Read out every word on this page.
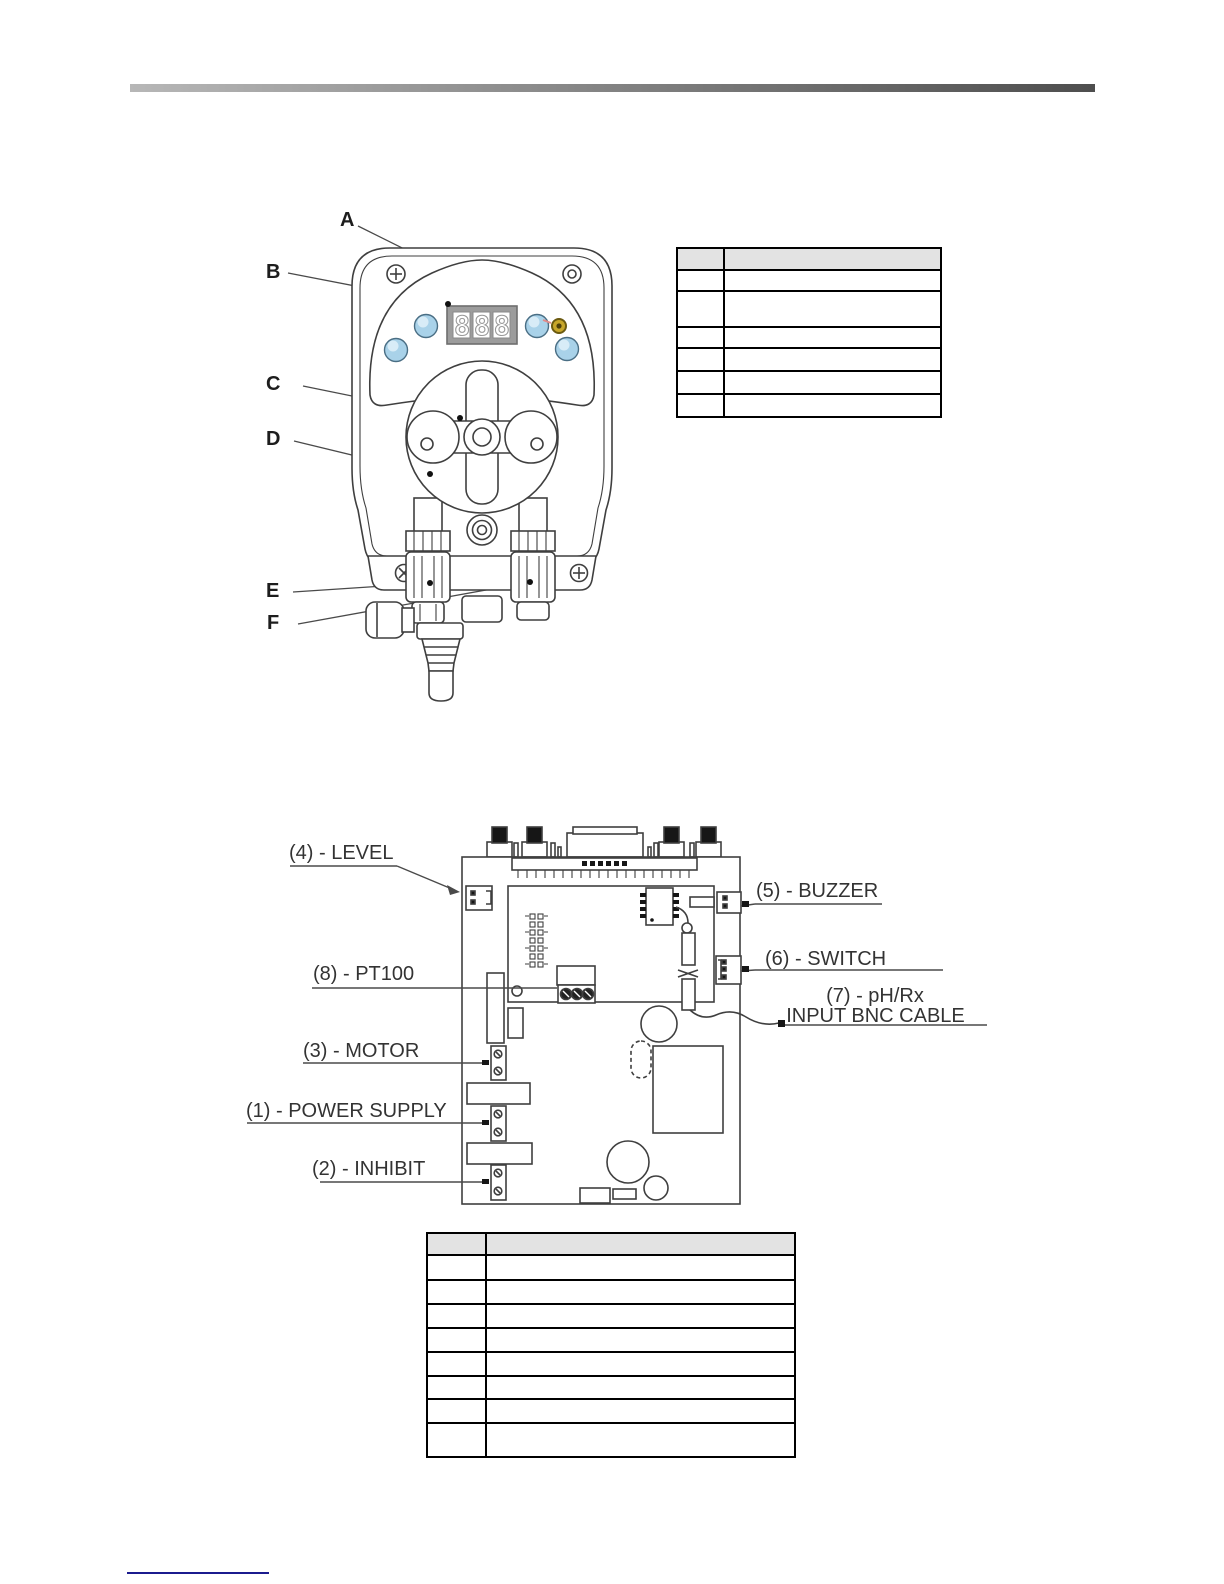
888
A
B
C
D
E
F

(4) - LEVEL
(5) - BUZZER
(6) - SWITCH
(7) - pH/Rx
INPUT BNC CABLE
(8) - PT100
(3) - MOTOR
(1) - POWER SUPPLY
(2) - INHIBIT
